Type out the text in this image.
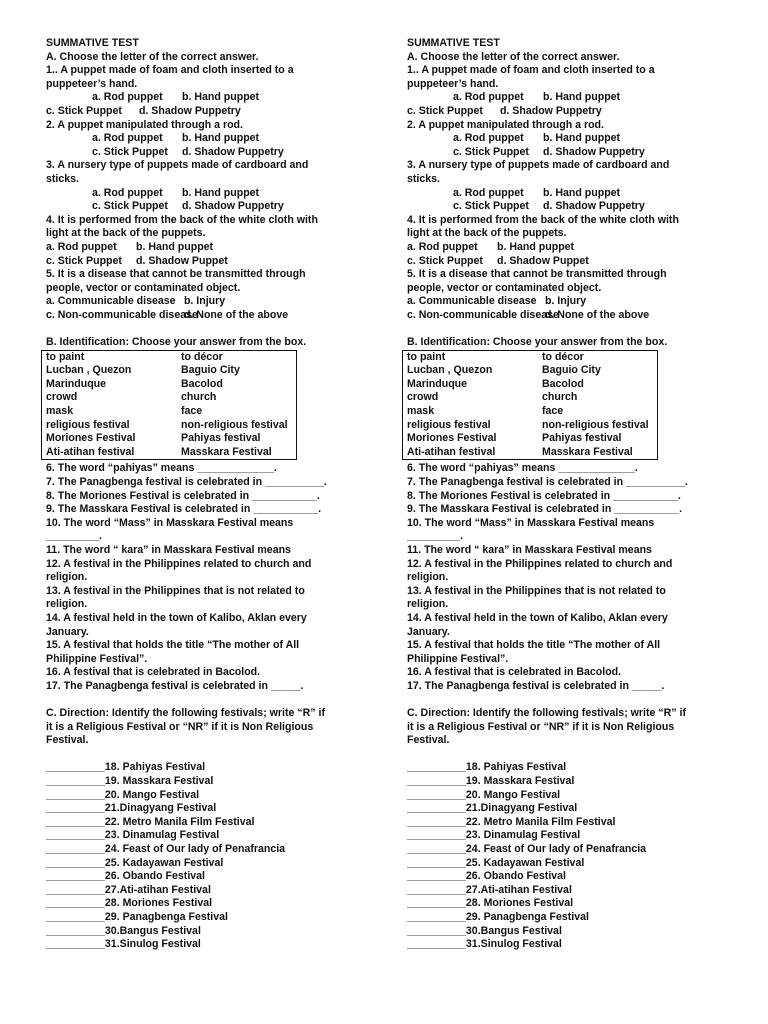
SUMMATIVE TEST
A. Choose the letter of the correct answer.
1.. A puppet made of foam and cloth inserted to a
puppeteer’s hand.
a. Rod puppet b. Hand puppet
c. Stick Puppet d. Shadow Puppetry
2. A puppet manipulated through a rod.
a. Rod puppet b. Hand puppet
c. Stick Puppet d. Shadow Puppetry
3. A nursery type of puppets made of cardboard and
sticks.
a. Rod puppet b. Hand puppet
c. Stick Puppet d. Shadow Puppetry
4. It is performed from the back of the white cloth with
light at the back of the puppets.
a. Rod puppet b. Hand puppet
c. Stick Puppet d. Shadow Puppet
5. It is a disease that cannot be transmitted through
people, vector or contaminated object.
a. Communicable disease b. Injury
c. Non-communicable disease d. None of the above
B. Identification: Choose your answer from the box.
to paint	to décor
Lucban , Quezon	Baguio City
Marinduque	Bacolod
crowd	church
mask	face
religious festival	non-religious festival
Moriones Festival	Pahiyas festival
Ati-atihan festival	Masskara Festival
6. The word “pahiyas” means _____________.
7. The Panagbenga festival is celebrated in __________.
8. The Moriones Festival is celebrated in ___________.
9. The Masskara Festival is celebrated in ___________.
10. The word “Mass” in Masskara Festival means
_________.
11. The word “ kara” in Masskara Festival means
12. A festival in the Philippines related to church and
religion.
13. A festival in the Philippines that is not related to
religion.
14. A festival held in the town of Kalibo, Aklan every
January.
15. A festival that holds the title “The mother of All
Philippine Festival”.
16. A festival that is celebrated in Bacolod.
17. The Panagbenga festival is celebrated in _____.
C. Direction: Identify the following festivals; write “R” if
it is a Religious Festival or “NR” if it is Non Religious
Festival.
__________18. Pahiyas Festival
__________19. Masskara Festival
__________20. Mango Festival
__________21.Dinagyang Festival
__________22. Metro Manila Film Festival
__________23. Dinamulag Festival
__________24. Feast of Our lady of Penafrancia
__________25. Kadayawan Festival
__________26. Obando Festival
__________27.Ati-atihan Festival
__________28. Moriones Festival
__________29. Panagbenga Festival
__________30.Bangus Festival
__________31.Sinulog Festival
SUMMATIVE TEST
A. Choose the letter of the correct answer.
1.. A puppet made of foam and cloth inserted to a
puppeteer’s hand.
a. Rod puppet b. Hand puppet
c. Stick Puppet d. Shadow Puppetry
2. A puppet manipulated through a rod.
a. Rod puppet b. Hand puppet
c. Stick Puppet d. Shadow Puppetry
3. A nursery type of puppets made of cardboard and
sticks.
a. Rod puppet b. Hand puppet
c. Stick Puppet d. Shadow Puppetry
4. It is performed from the back of the white cloth with
light at the back of the puppets.
a. Rod puppet b. Hand puppet
c. Stick Puppet d. Shadow Puppet
5. It is a disease that cannot be transmitted through
people, vector or contaminated object.
a. Communicable disease b. Injury
c. Non-communicable disease d. None of the above
B. Identification: Choose your answer from the box.
to paint	to décor
Lucban , Quezon	Baguio City
Marinduque	Bacolod
crowd	church
mask	face
religious festival	non-religious festival
Moriones Festival	Pahiyas festival
Ati-atihan festival	Masskara Festival
6. The word “pahiyas” means _____________.
7. The Panagbenga festival is celebrated in __________.
8. The Moriones Festival is celebrated in ___________.
9. The Masskara Festival is celebrated in ___________.
10. The word “Mass” in Masskara Festival means
_________.
11. The word “ kara” in Masskara Festival means
12. A festival in the Philippines related to church and
religion.
13. A festival in the Philippines that is not related to
religion.
14. A festival held in the town of Kalibo, Aklan every
January.
15. A festival that holds the title “The mother of All
Philippine Festival”.
16. A festival that is celebrated in Bacolod.
17. The Panagbenga festival is celebrated in _____.
C. Direction: Identify the following festivals; write “R” if
it is a Religious Festival or “NR” if it is Non Religious
Festival.
__________18. Pahiyas Festival
__________19. Masskara Festival
__________20. Mango Festival
__________21.Dinagyang Festival
__________22. Metro Manila Film Festival
__________23. Dinamulag Festival
__________24. Feast of Our lady of Penafrancia
__________25. Kadayawan Festival
__________26. Obando Festival
__________27.Ati-atihan Festival
__________28. Moriones Festival
__________29. Panagbenga Festival
__________30.Bangus Festival
__________31.Sinulog Festival
